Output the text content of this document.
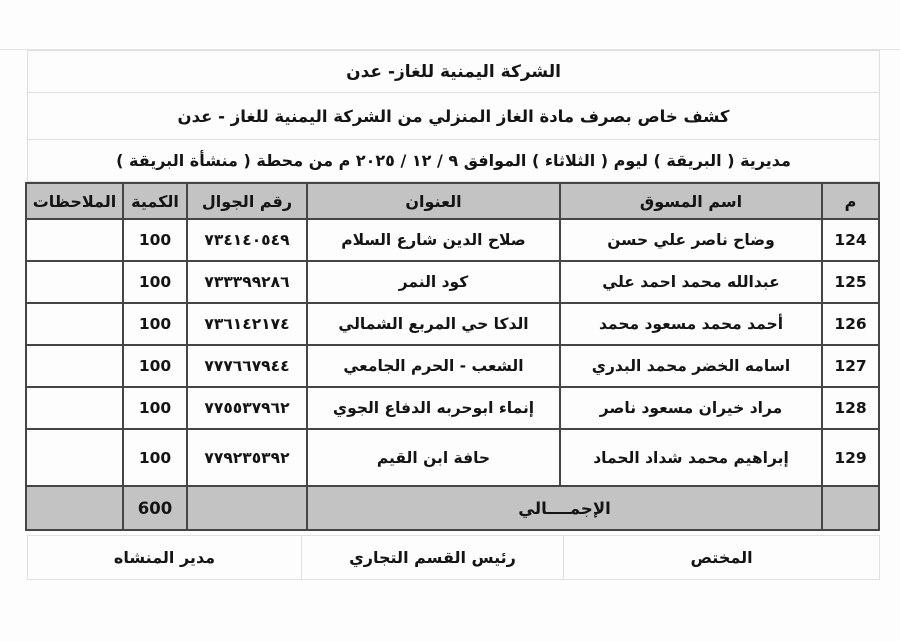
الشركة اليمنية للغاز- عدن
كشف خاص بصرف مادة الغاز المنزلي من الشركة اليمنية للغاز - عدن
مديرية ( البريقة ) ليوم ( الثلاثاء ) الموافق ٩ / ١٢ / ٢٠٢٥ م من محطة ( منشأة البريقة )
م	اسم المسوق	العنوان	رقم الجوال	الكمية	الملاحظات
124	وضاح ناصر علي حسن	صلاح الدين شارع السلام	٧٣٤١٤٠٥٤٩	100	
125	عبدالله محمد احمد علي	كود النمر	٧٣٣٣٩٩٢٨٦	100	
126	أحمد محمد مسعود محمد	الدكا حي المربع الشمالي	٧٣٦١٤٢١٧٤	100	
127	اسامه الخضر محمد البدري	الشعب - الحرم الجامعي	٧٧٧٦٦٧٩٤٤	100	
128	مراد خيران مسعود ناصر	إنماء ابوحربه الدفاع الجوي	٧٧٥٥٣٧٩٦٢	100	
129	إبراهيم محمد شداد الحماد	حافة ابن القيم	٧٧٩٢٣٥٣٩٢	100	
	الإجمــــالي			600	
المختص
رئيس القسم التجاري
مدير المنشاه
